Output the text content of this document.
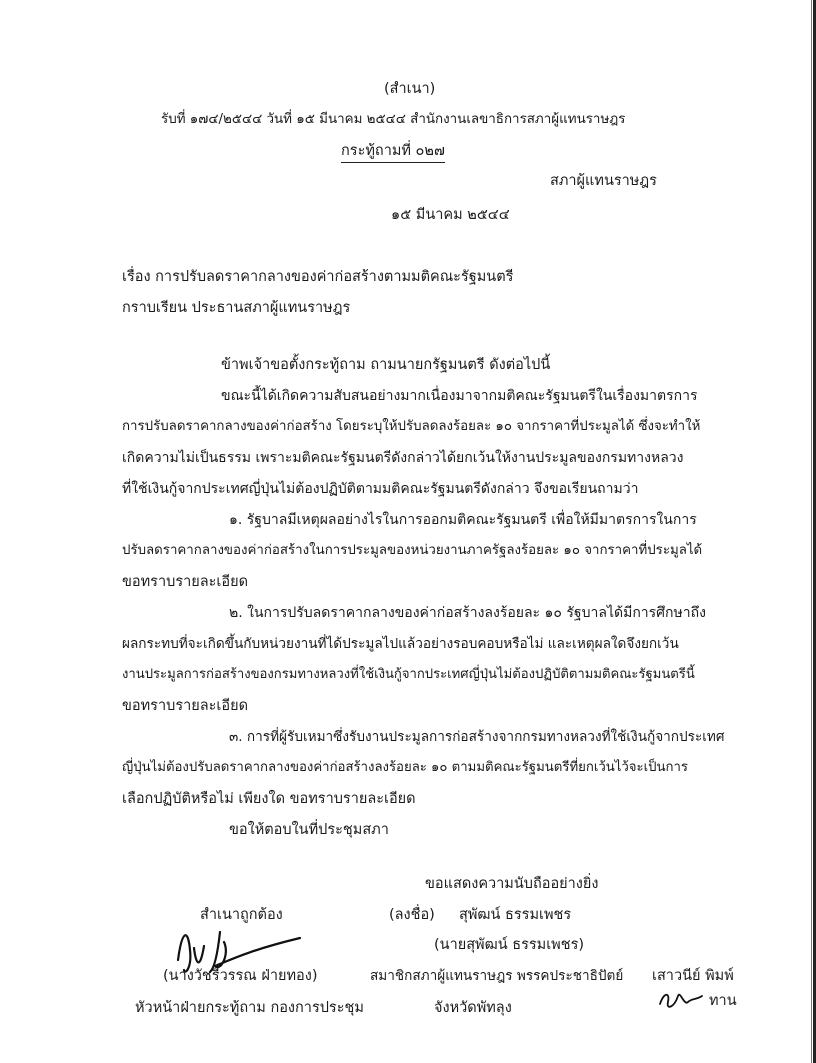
(สำเนา)
รับที่ ๑๗๔/๒๕๔๔ วันที่ ๑๕ มีนาคม ๒๕๔๔ สำนักงานเลขาธิการสภาผู้แทนราษฎร
กระทู้ถามที่ ๐๒๗
สภาผู้แทนราษฎร
๑๕ มีนาคม ๒๕๔๔
เรื่อง การปรับลดราคากลางของค่าก่อสร้างตามมติคณะรัฐมนตรี
กราบเรียน ประธานสภาผู้แทนราษฎร
ข้าพเจ้าขอตั้งกระทู้ถาม ถามนายกรัฐมนตรี ดังต่อไปนี้
ขณะนี้ได้เกิดความสับสนอย่างมากเนื่องมาจากมติคณะรัฐมนตรีในเรื่องมาตรการ
การปรับลดราคากลางของค่าก่อสร้าง โดยระบุให้ปรับลดลงร้อยละ ๑๐ จากราคาที่ประมูลได้ ซึ่งจะทำให้
เกิดความไม่เป็นธรรม เพราะมติคณะรัฐมนตรีดังกล่าวได้ยกเว้นให้งานประมูลของกรมทางหลวง
ที่ใช้เงินกู้จากประเทศญี่ปุ่นไม่ต้องปฏิบัติตามมติคณะรัฐมนตรีดังกล่าว จึงขอเรียนถามว่า
๑. รัฐบาลมีเหตุผลอย่างไรในการออกมติคณะรัฐมนตรี เพื่อให้มีมาตรการในการ
ปรับลดราคากลางของค่าก่อสร้างในการประมูลของหน่วยงานภาครัฐลงร้อยละ ๑๐ จากราคาที่ประมูลได้
ขอทราบรายละเอียด
๒. ในการปรับลดราคากลางของค่าก่อสร้างลงร้อยละ ๑๐ รัฐบาลได้มีการศึกษาถึง
ผลกระทบที่จะเกิดขึ้นกับหน่วยงานที่ได้ประมูลไปแล้วอย่างรอบคอบหรือไม่ และเหตุผลใดจึงยกเว้น
งานประมูลการก่อสร้างของกรมทางหลวงที่ใช้เงินกู้จากประเทศญี่ปุ่นไม่ต้องปฏิบัติตามมติคณะรัฐมนตรีนี้
ขอทราบรายละเอียด
๓. การที่ผู้รับเหมาซึ่งรับงานประมูลการก่อสร้างจากกรมทางหลวงที่ใช้เงินกู้จากประเทศ
ญี่ปุ่นไม่ต้องปรับลดราคากลางของค่าก่อสร้างลงร้อยละ ๑๐ ตามมติคณะรัฐมนตรีที่ยกเว้นไว้จะเป็นการ
เลือกปฏิบัติหรือไม่ เพียงใด ขอทราบรายละเอียด
ขอให้ตอบในที่ประชุมสภา
ขอแสดงความนับถืออย่างยิ่ง
(ลงชื่อ) สุพัฒน์ ธรรมเพชร
(นายสุพัฒน์ ธรรมเพชร)
สมาชิกสภาผู้แทนราษฎร พรรคประชาธิปัตย์
จังหวัดพัทลุง
สำเนาถูกต้อง
(นางวัชรีวรรณ ฝ่ายทอง)
หัวหน้าฝ่ายกระทู้ถาม กองการประชุม
เสาวนีย์ พิมพ์
ทาน
